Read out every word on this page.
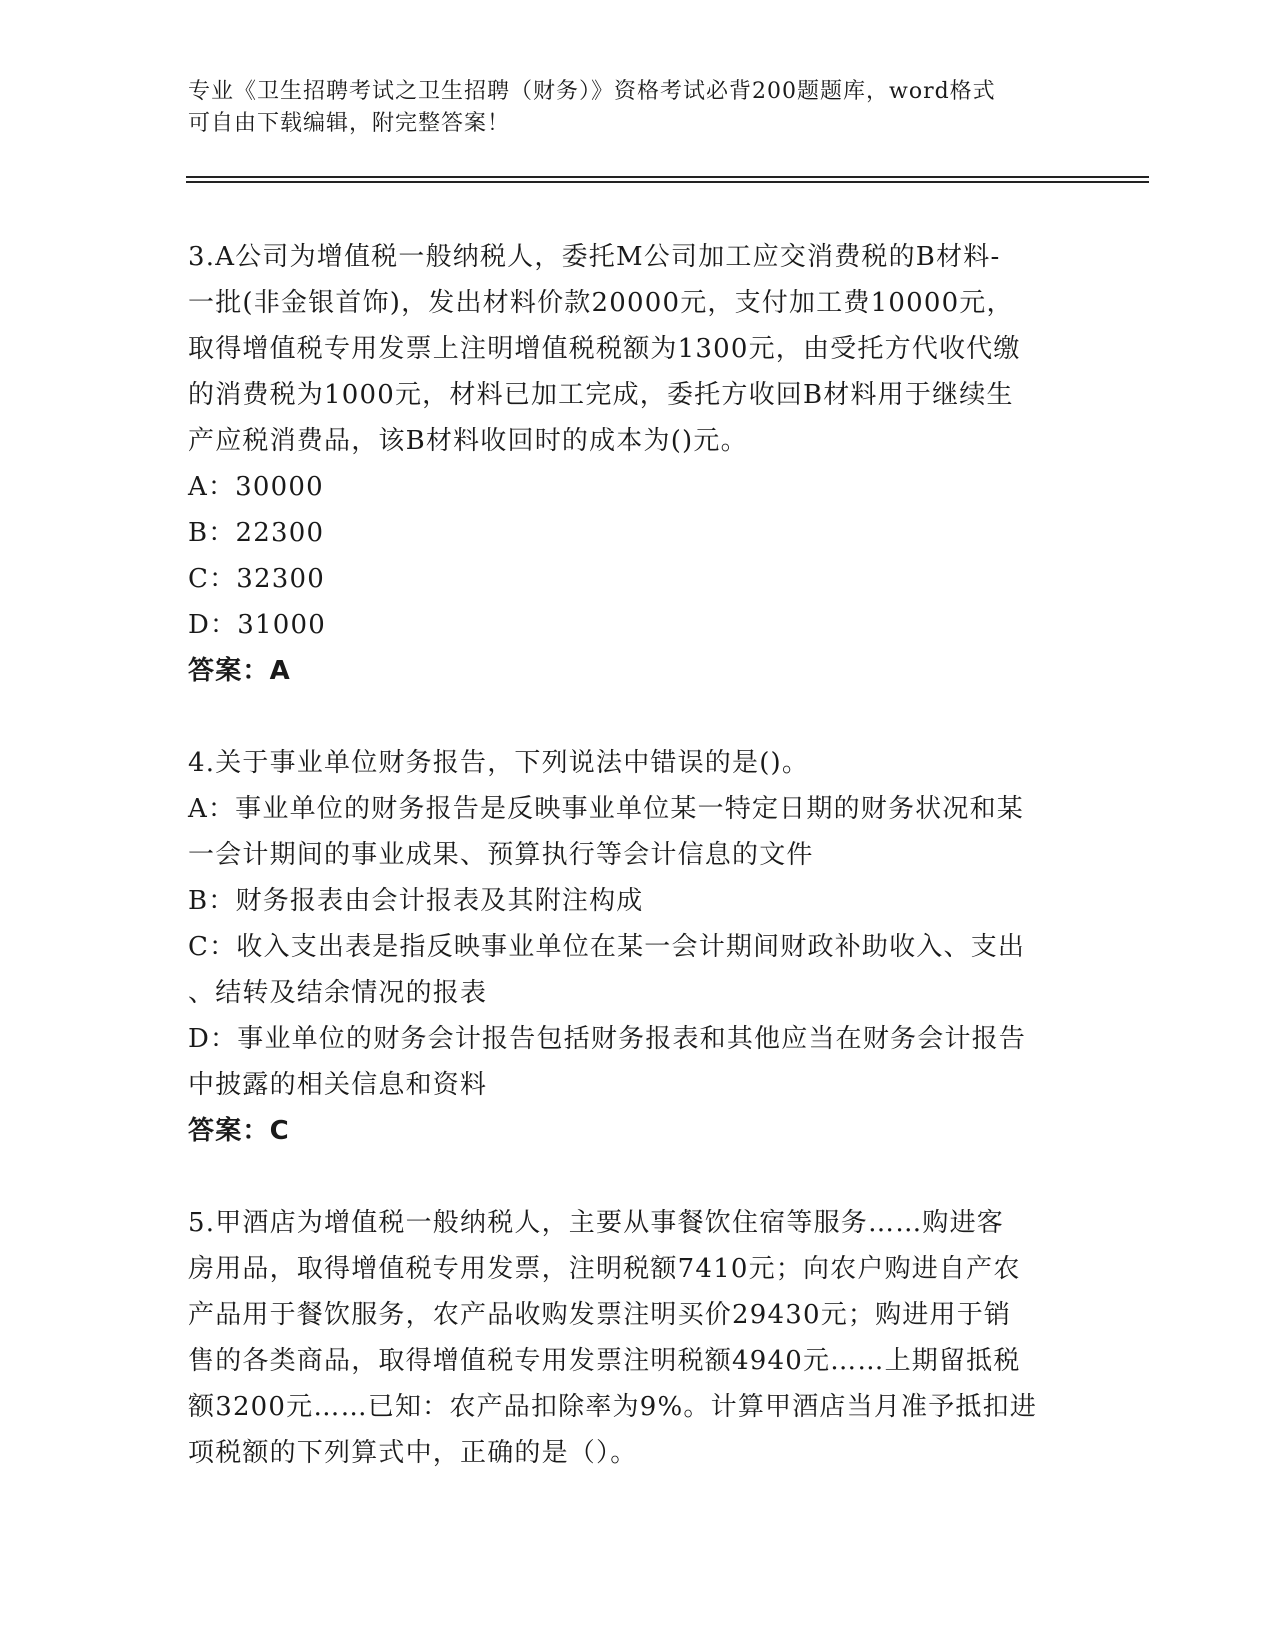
专业《卫生招聘考试之卫生招聘（财务）》资格考试必背200题题库，word格式
可自由下载编辑，附完整答案！
3.A公司为增值税一般纳税人，委托M公司加工应交消费税的B材料-
一批(非金银首饰)，发出材料价款20000元，支付加工费10000元，
取得增值税专用发票上注明增值税税额为1300元，由受托方代收代缴
的消费税为1000元，材料已加工完成，委托方收回B材料用于继续生
产应税消费品，该B材料收回时的成本为()元。
A：30000
B：22300
C：32300
D：31000
答案：A
4.关于事业单位财务报告，下列说法中错误的是()。
A：事业单位的财务报告是反映事业单位某一特定日期的财务状况和某
一会计期间的事业成果、预算执行等会计信息的文件
B：财务报表由会计报表及其附注构成
C：收入支出表是指反映事业单位在某一会计期间财政补助收入、支出
、结转及结余情况的报表
D：事业单位的财务会计报告包括财务报表和其他应当在财务会计报告
中披露的相关信息和资料
答案：C
5.甲酒店为增值税一般纳税人，主要从事餐饮住宿等服务……购进客
房用品，取得增值税专用发票，注明税额7410元；向农户购进自产农
产品用于餐饮服务，农产品收购发票注明买价29430元；购进用于销
售的各类商品，取得增值税专用发票注明税额4940元……上期留抵税
额3200元……已知：农产品扣除率为9%。计算甲酒店当月准予抵扣进
项税额的下列算式中，正确的是（）。
